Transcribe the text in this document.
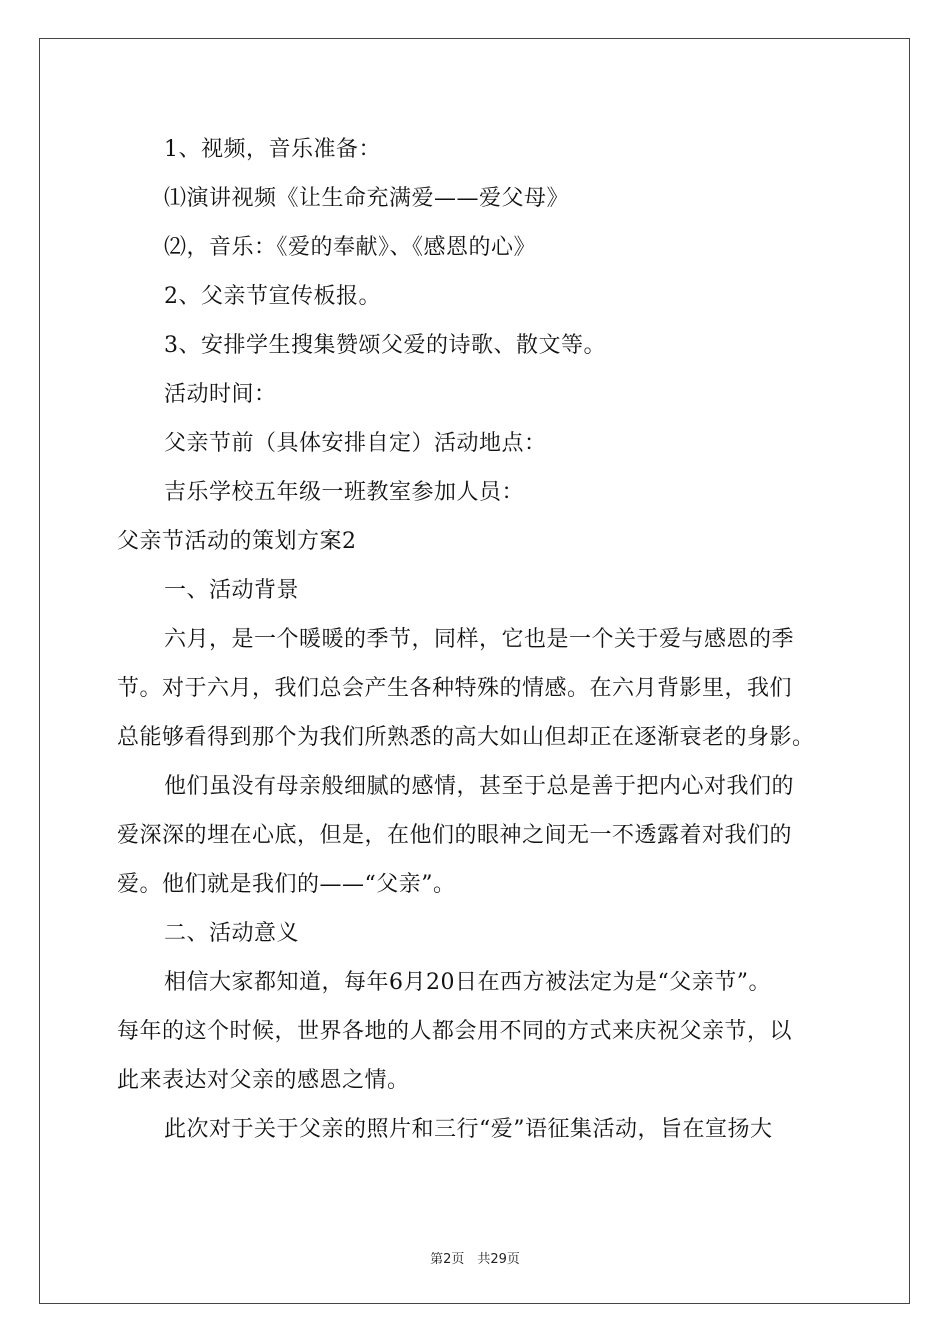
1、视频，音乐准备：
⑴演讲视频《让生命充满爱——爱父母》
⑵，音乐：《爱的奉献》、《感恩的心》
2、父亲节宣传板报。
3、安排学生搜集赞颂父爱的诗歌、散文等。
活动时间：
父亲节前（具体安排自定）活动地点：
吉乐学校五年级一班教室参加人员：
父亲节活动的策划方案2
一、活动背景
六月，是一个暖暖的季节，同样，它也是一个关于爱与感恩的季
节。对于六月，我们总会产生各种特殊的情感。在六月背影里，我们
总能够看得到那个为我们所熟悉的高大如山但却正在逐渐衰老的身影。
他们虽没有母亲般细腻的感情，甚至于总是善于把内心对我们的
爱深深的埋在心底，但是，在他们的眼神之间无一不透露着对我们的
爱。他们就是我们的——“父亲”。
二、活动意义
相信大家都知道，每年6月20日在西方被法定为是“父亲节”。
每年的这个时候，世界各地的人都会用不同的方式来庆祝父亲节，以
此来表达对父亲的感恩之情。
此次对于关于父亲的照片和三行“爱”语征集活动，旨在宣扬大
第2页　共29页
